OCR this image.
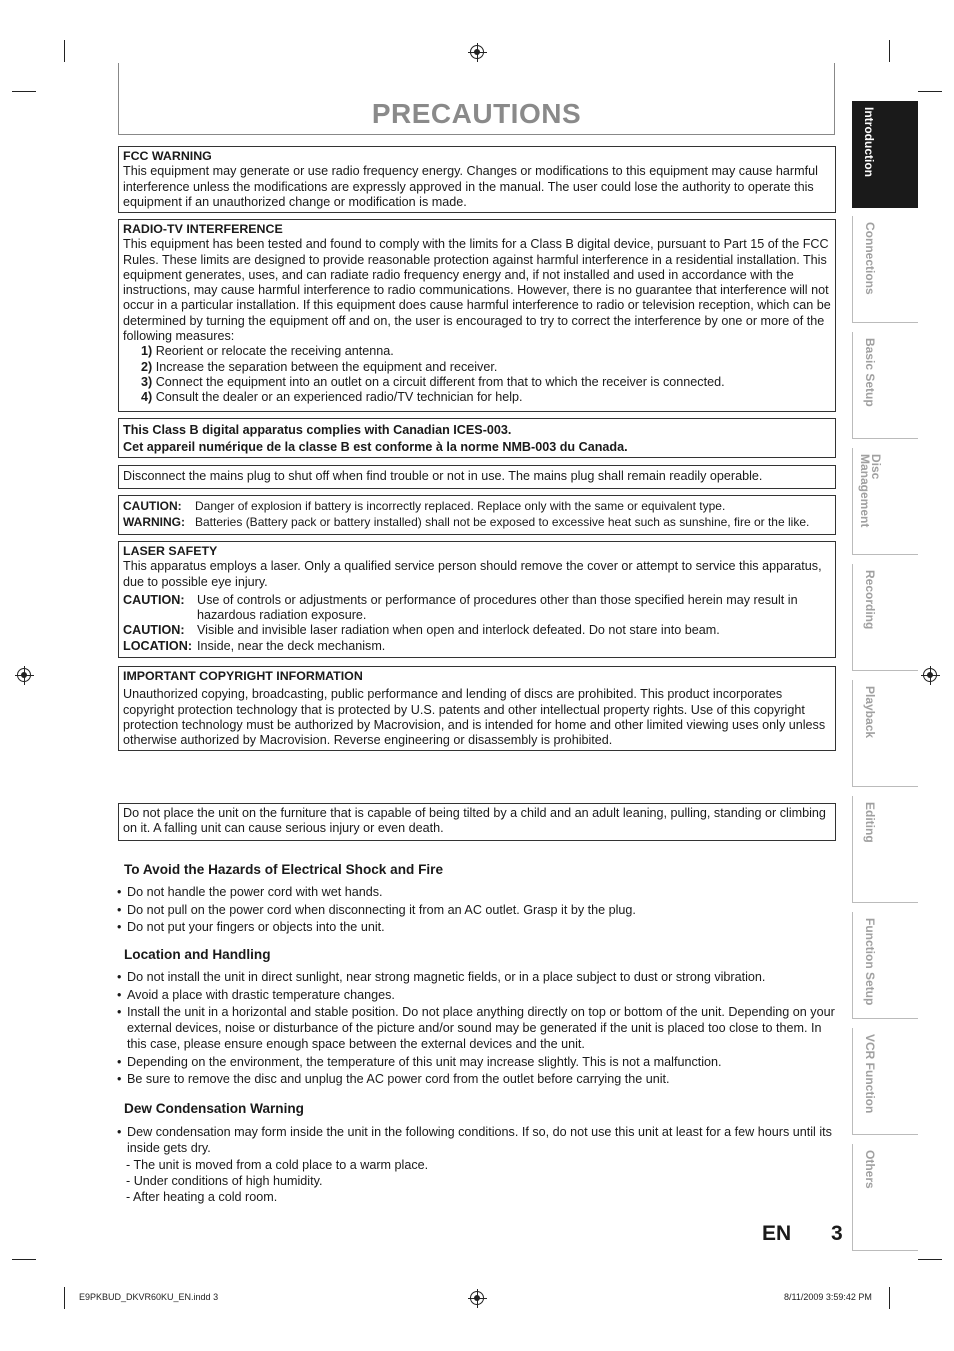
PRECAUTIONS
FCC WARNING

This equipment may generate or use radio frequency energy. Changes or modifications to this equipment may cause harmful interference unless the modifications are expressly approved in the manual. The user could lose the authority to operate this equipment if an unauthorized change or modification is made.

RADIO-TV INTERFERENCE

This equipment has been tested and found to comply with the limits for a Class B digital device, pursuant to Part 15 of the FCC Rules. These limits are designed to provide reasonable protection against harmful interference in a residential installation. This equipment generates, uses, and can radiate radio frequency energy and, if not installed and used in accordance with the instructions, may cause harmful interference to radio communications. However, there is no guarantee that interference will not occur in a particular installation. If this equipment does cause harmful interference to radio or television reception, which can be determined by turning the equipment off and on, the user is encouraged to try to correct the interference by one or more of the following measures:

1) Reorient or relocate the receiving antenna.
2) Increase the separation between the equipment and receiver.
3) Connect the equipment into an outlet on a circuit different from that to which the receiver is connected.
4) Consult the dealer or an experienced radio/TV technician for help.
This Class B digital apparatus complies with Canadian ICES-003.
Cet appareil numérique de la classe B est conforme à la norme NMB-003 du Canada.

Disconnect the mains plug to shut off when find trouble or not in use. The mains plug shall remain readily operable.

CAUTION:	Danger of explosion if battery is incorrectly replaced. Replace only with the same or equivalent type.
WARNING: Batteries (Battery pack or battery installed) shall not be exposed to excessive heat such as sunshine, fire or the like.
LASER SAFETY

This apparatus employs a laser. Only a qualified service person should remove the cover or attempt to service this apparatus, due to possible eye injury.

CAUTION: Use of controls or adjustments or performance of procedures other than those specified herein may result in hazardous radiation exposure.
CAUTION: Visible and invisible laser radiation when open and interlock defeated. Do not stare into beam.
LOCATION: Inside, near the deck mechanism.
IMPORTANT COPYRIGHT INFORMATION

Unauthorized copying, broadcasting, public performance and lending of discs are prohibited. This product incorporates copyright protection technology that is protected by U.S. patents and other intellectual property rights. Use of this copyright protection technology must be authorized by Macrovision, and is intended for home and other limited viewing uses only unless otherwise authorized by Macrovision. Reverse engineering or disassembly is prohibited.

Do not place the unit on the furniture that is capable of being tilted by a child and an adult leaning, pulling, standing or climbing on it. A falling unit can cause serious injury or even death.

To Avoid the Hazards of Electrical Shock and Fire
• Do not handle the power cord with wet hands.
• Do not pull on the power cord when disconnecting it from an AC outlet. Grasp it by the plug.
• Do not put your fingers or objects into the unit.
Location and Handling
• Do not install the unit in direct sunlight, near strong magnetic fields, or in a place subject to dust or strong vibration.
• Avoid a place with drastic temperature changes.
• Install the unit in a horizontal and stable position. Do not place anything directly on top or bottom of the unit. Depending on your external devices, noise or disturbance of the picture and/or sound may be generated if the unit is placed too close to them. In this case, please ensure enough space between the external devices and the unit.
• Depending on the environment, the temperature of this unit may increase slightly. This is not a malfunction.
• Be sure to remove the disc and unplug the AC power cord from the outlet before carrying the unit.
Dew Condensation Warning
• Dew condensation may form inside the unit in the following conditions. If so, do not use this unit at least for a few hours until its inside gets dry.
- The unit is moved from a cold place to a warm place.
- Under conditions of high humidity.
- After heating a cold room.
Introduction
Connections
Basic Setup
Disc
Management
Recording
Playback
Editing
Function Setup
VCR Function
Others
EN 3
E9PKBUD_DKVR60KU_EN.indd 3	8/11/2009 3:59:42 PM
